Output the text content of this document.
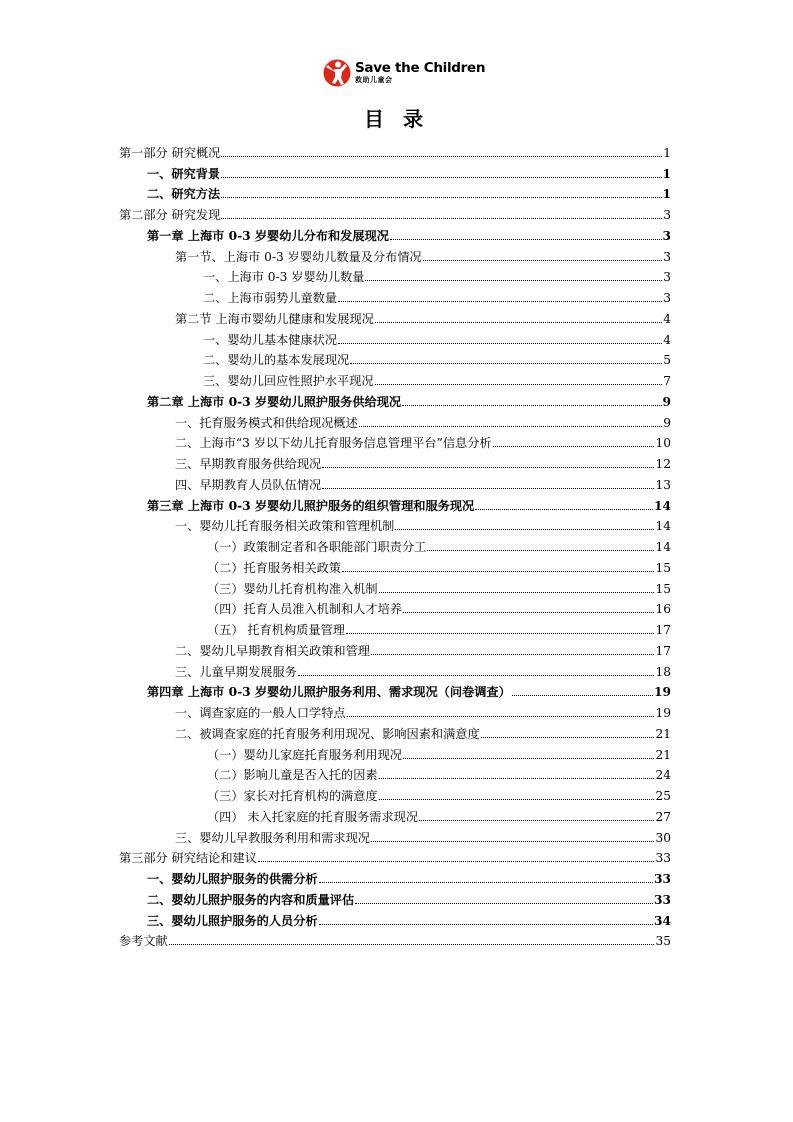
Save the Children
救助儿童会
目 录
第一部分 研究概况	1
一、研究背景	1
二、研究方法	1
第二部分 研究发现	3
第一章 上海市 0-3 岁婴幼儿分布和发展现况	3
第一节、上海市 0-3 岁婴幼儿数量及分布情况	3
一、上海市 0-3 岁婴幼儿数量	3
二、上海市弱势儿童数量	3
第二节 上海市婴幼儿健康和发展现况	4
一、婴幼儿基本健康状况	4
二、婴幼儿的基本发展现况	5
三、婴幼儿回应性照护水平现况	7
第二章 上海市 0-3 岁婴幼儿照护服务供给现况	9
一、托育服务模式和供给现况概述	9
二、上海市“3 岁以下幼儿托育服务信息管理平台”信息分析	10
三、早期教育服务供给现况	12
四、早期教育人员队伍情况	13
第三章 上海市 0-3 岁婴幼儿照护服务的组织管理和服务现况	14
一、婴幼儿托育服务相关政策和管理机制	14
（一）政策制定者和各职能部门职责分工	14
（二）托育服务相关政策	15
（三）婴幼儿托育机构准入机制	15
（四）托育人员准入机制和人才培养	16
（五） 托育机构质量管理	17
二、婴幼儿早期教育相关政策和管理	17
三、儿童早期发展服务	18
第四章 上海市 0-3 岁婴幼儿照护服务利用、需求现况（问卷调查）	19
一、调查家庭的一般人口学特点	19
二、被调查家庭的托育服务利用现况、影响因素和满意度	21
（一）婴幼儿家庭托育服务利用现况	21
（二）影响儿童是否入托的因素	24
（三）家长对托育机构的满意度	25
（四） 未入托家庭的托育服务需求现况	27
三、婴幼儿早教服务利用和需求现况	30
第三部分 研究结论和建议	33
一、婴幼儿照护服务的供需分析	33
二、婴幼儿照护服务的内容和质量评估	33
三、婴幼儿照护服务的人员分析	34
参考文献	35
